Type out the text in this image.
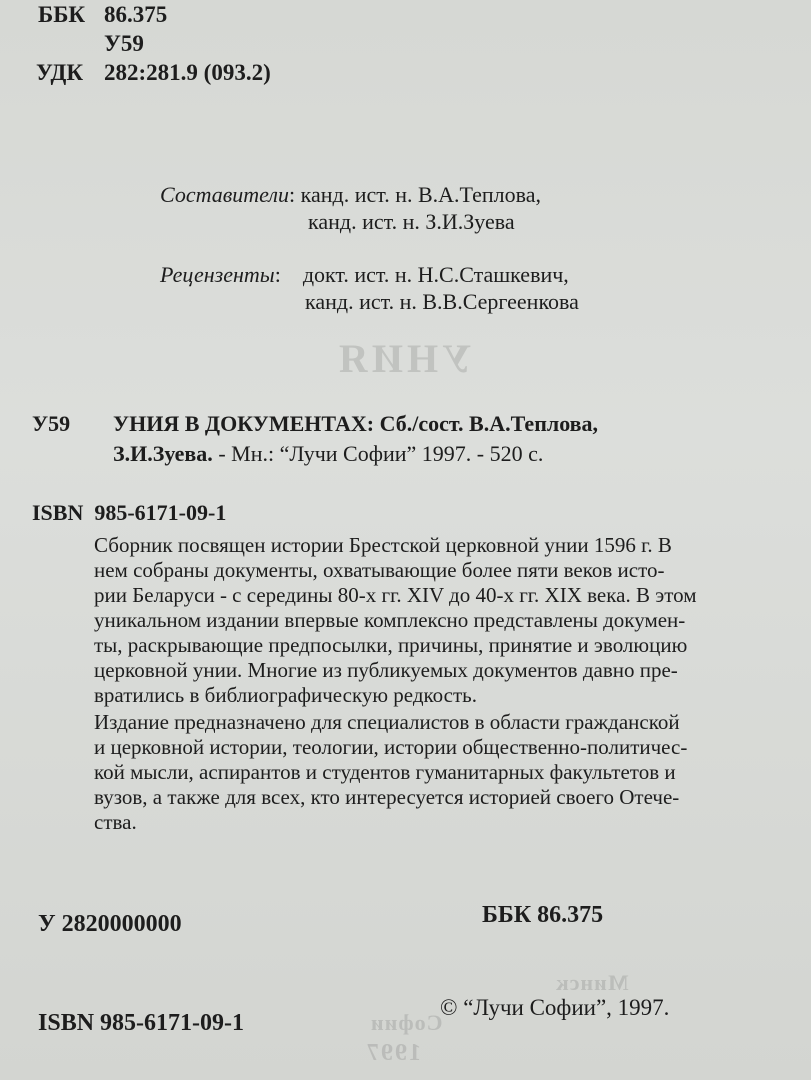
УНИЯ
Минск
Софии
1997
ББК 86.375
У59
УДК 282:281.9 (093.2)
Составители: канд. ист. н. В.А.Теплова,
канд. ист. н. З.И.Зуева
Рецензенты:    докт. ист. н. Н.С.Сташкевич,
канд. ист. н. В.В.Сергеенкова
У59 УНИЯ В ДОКУМЕНТАХ: Сб./сост. В.А.Теплова,
З.И.Зуева. - Мн.: “Лучи Софии” 1997. - 520 с.
ISBN  985-6171-09-1
Сборник посвящен истории Брестской церковной унии 1596 г. В
нем собраны документы, охватывающие более пяти веков исто-
рии Беларуси - с середины 80-х гг. XIV до 40-х гг. XIX века. В этом
уникальном издании впервые комплексно представлены докумен-
ты, раскрывающие предпосылки, причины, принятие и эволюцию
церковной унии. Многие из публикуемых документов давно пре-
вратились в библиографическую редкость.
Издание предназначено для специалистов в области гражданской
и церковной истории, теологии, истории общественно-политичес-
кой мысли, аспирантов и студентов гуманитарных факультетов и
вузов, а также для всех, кто интересуется историей своего Отече-
ства.
У 2820000000	ББК 86.375
ISBN 985-6171-09-1
© “Лучи Софии”, 1997.
